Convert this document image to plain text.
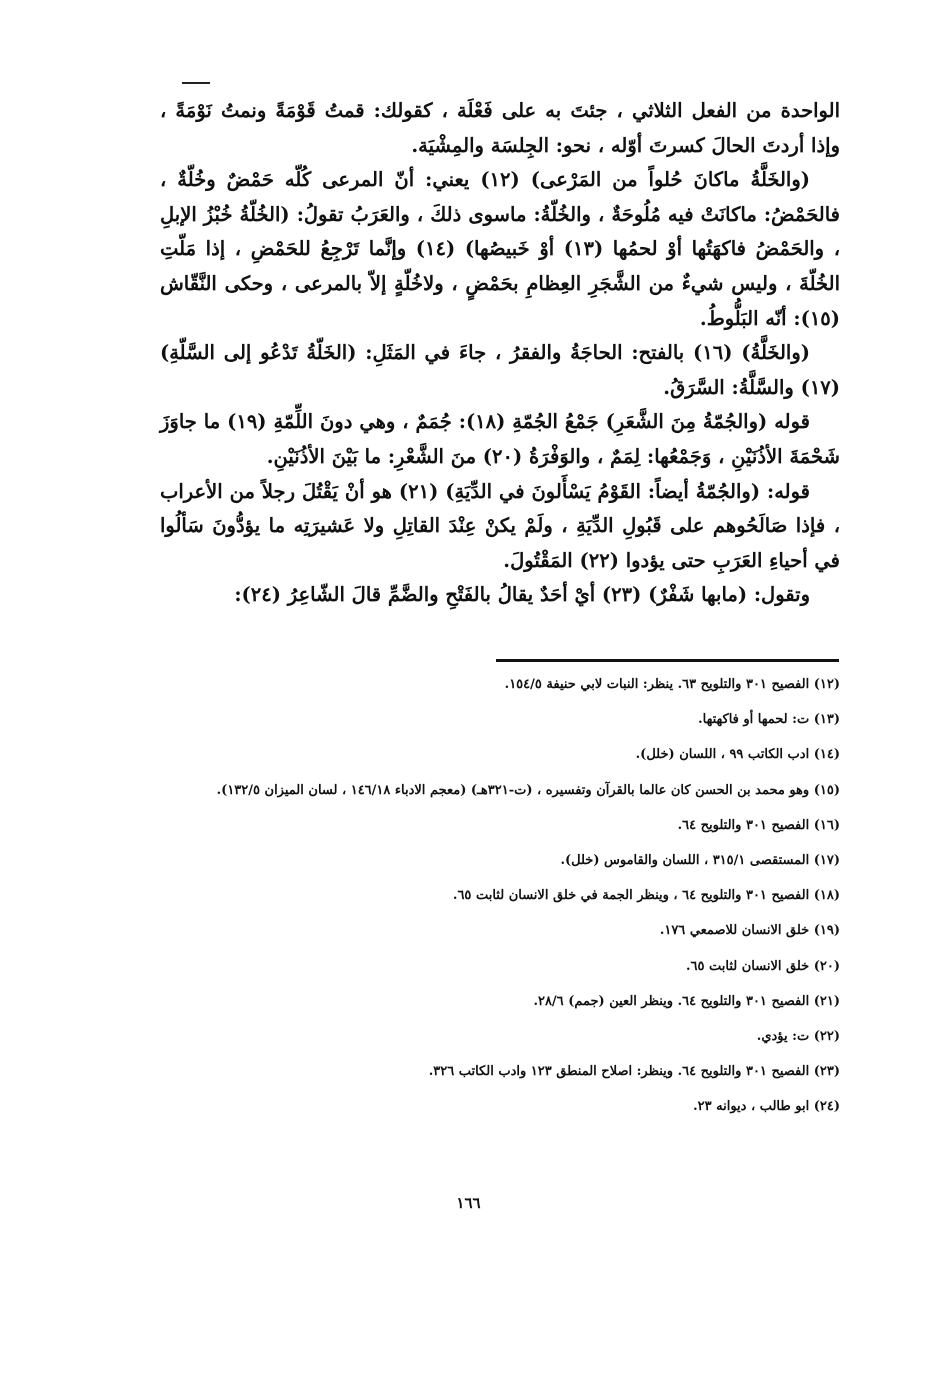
الواحدة من الفعل الثلاثي ، جئتَ به على فَعْلَة ، كقولك: قمتُ قَوْمَةً ونمتُ نَوْمَةً ، وإذا أردتَ الحالَ كسرتَ أوّله ، نحو: الجِلسَة والمِشْيَة.

(والخَلَّةُ ماكانَ حُلواً من المَرْعى) (١٢) يعني: أنّ المرعى كُلّه حَمْضٌ وخُلّةٌ ، فالحَمْضُ: ماكانَتْ فيه مُلُوحَةٌ ، والخُلّةُ: ماسوى ذلكَ ، والعَرَبُ تقولُ: (الخُلّةُ خُبْزُ الإبلِ ، والحَمْضُ فاكهَتُها أوْ لحمُها (١٣) أوْ خَبيصُها) (١٤) وإنَّما تَرْجِعُ للحَمْضِ ، إذا مَلّتِ الخُلّةَ ، وليس شيءٌ من الشَّجَرِ العِظامِ بحَمْضٍ ، ولاخُلّةٍ إلاّ بالمرعى ، وحكى النَّقّاش (١٥): أنّه البَلُّوطُ.

(والخَلَّةُ) (١٦) بالفتح: الحاجَةُ والفقرُ ، جاءَ في المَثَلِ: (الخَلّةُ تَدْعُو إلى السَّلّةِ) (١٧) والسَّلَّةُ: السَّرَقُ.

قوله (والجُمّةُ مِنَ الشَّعَرِ) جَمْعُ الجُمّةِ (١٨): جُمَمٌ ، وهي دونَ اللِّمّةِ (١٩) ما جاوَزَ شَحْمَةَ الأذُنَيْنِ ، وَجَمْعُها: لِمَمٌ ، والوَفْرَةُ (٢٠) منَ الشَّعْرِ: ما بَيْنَ الأذُنَيْنِ.

قوله: (والجُمّةُ أيضاً: القَوْمُ يَسْأَلونَ في الدِّيَةِ) (٢١) هو أنْ يَقْتُلَ رجلاً من الأعراب ، فإذا صَالَحُوهم على قَبُولِ الدِّيَةِ ، ولَمْ يكنْ عِنْدَ القاتِلِ ولا عَشيرَتِه ما يؤدُّونَ سَألُوا في أحياءِ العَرَبِ حتى يؤدوا (٢٢) المَقْتُولَ.

وتقول: (مابها شَفْرٌ) (٢٣) أيْ أحَدٌ يقالُ بالفَتْحِ والضَّمِّ قالَ الشّاعِرُ (٢٤):

(١٢) الفصيح ٣٠١ والتلويح ٦٣. ينظر: النبات لابي حنيفة ١٥٤/٥.
(١٣) ت: لحمها أو فاكهتها.
(١٤) ادب الكاتب ٩٩ ، اللسان (خلل).
(١٥) وهو محمد بن الحسن كان عالما بالقرآن وتفسيره ، (ت-٣٢١هـ) (معجم الادباء ١٤٦/١٨ ، لسان الميزان ١٣٢/٥).
(١٦) الفصيح ٣٠١ والتلويح ٦٤.
(١٧) المستقصى ٣١٥/١ ، اللسان والقاموس (خلل).
(١٨) الفصيح ٣٠١ والتلويح ٦٤ ، وينظر الجمة في خلق الانسان لثابت ٦٥.
(١٩) خلق الانسان للاصمعي ١٧٦.
(٢٠) خلق الانسان لثابت ٦٥.
(٢١) الفصيح ٣٠١ والتلويح ٦٤. وينظر العين (جمم) ٢٨/٦.
(٢٢) ت: يؤدي.
(٢٣) الفصيح ٣٠١ والتلويح ٦٤. وينظر: اصلاح المنطق ١٢٣ وادب الكاتب ٣٢٦.
(٢٤) ابو طالب ، ديوانه ٢٣.
١٦٦
